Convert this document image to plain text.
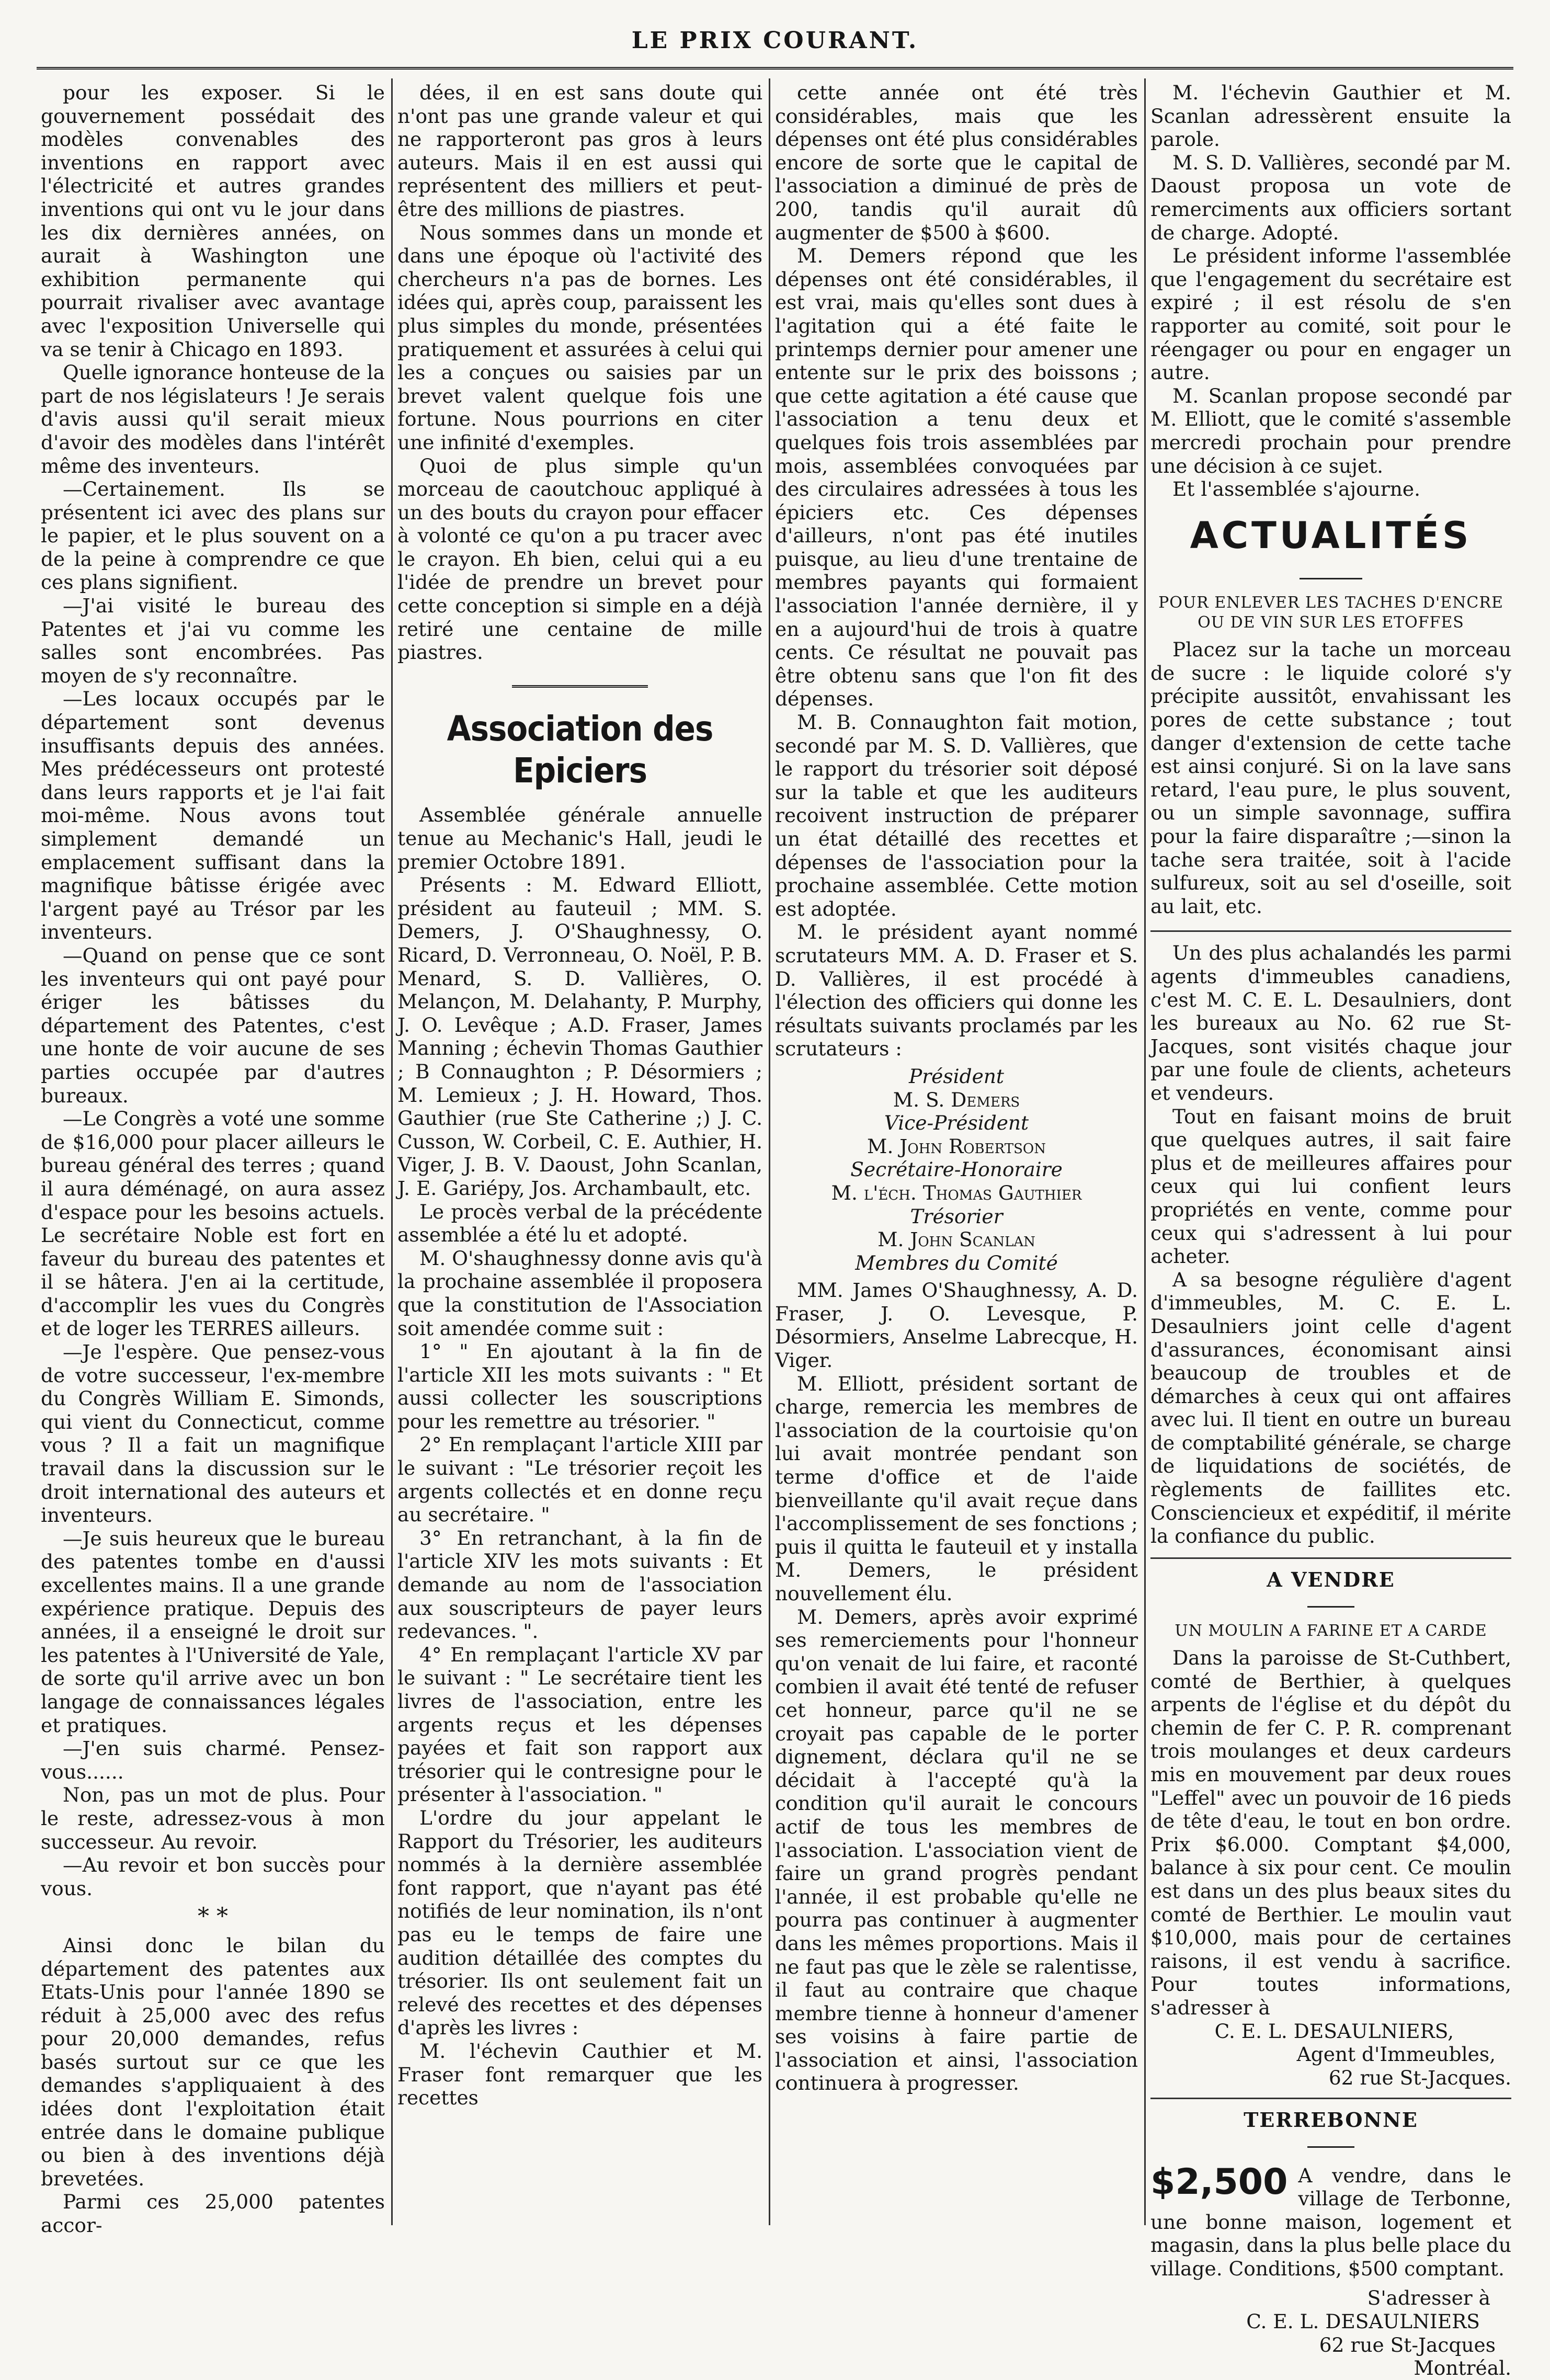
LE PRIX COURANT.

pour les exposer. Si le gouvernement possédait des modèles convenables des inventions en rapport avec l'électricité et autres grandes inventions qui ont vu le jour dans les dix dernières années, on aurait à Washington une exhibition permanente qui pourrait rivaliser avec avantage avec l'exposition Universelle qui va se tenir à Chicago en 1893.

Quelle ignorance honteuse de la part de nos législateurs ! Je serais d'avis aussi qu'il serait mieux d'avoir des modèles dans l'intérêt même des inventeurs.

—Certainement. Ils se présentent ici avec des plans sur le papier, et le plus souvent on a de la peine à comprendre ce que ces plans signifient.

—J'ai visité le bureau des Patentes et j'ai vu comme les salles sont encombrées. Pas moyen de s'y reconnaître.

—Les locaux occupés par le département sont devenus insuffisants depuis des années. Mes prédécesseurs ont protesté dans leurs rapports et je l'ai fait moi-même. Nous avons tout simplement demandé un emplacement suffisant dans la magnifique bâtisse érigée avec l'argent payé au Trésor par les inventeurs.

—Quand on pense que ce sont les inventeurs qui ont payé pour ériger les bâtisses du département des Patentes, c'est une honte de voir aucune de ses parties occupée par d'autres bureaux.

—Le Congrès a voté une somme de $16,000 pour placer ailleurs le bureau général des terres ; quand il aura déménagé, on aura assez d'espace pour les besoins actuels. Le secrétaire Noble est fort en faveur du bureau des patentes et il se hâtera. J'en ai la certitude, d'accomplir les vues du Congrès et de loger les TERRES ailleurs.

—Je l'espère. Que pensez-vous de votre successeur, l'ex-membre du Congrès William E. Simonds, qui vient du Connecticut, comme vous ? Il a fait un magnifique travail dans la discussion sur le droit international des auteurs et inventeurs.

—Je suis heureux que le bureau des patentes tombe en d'aussi excellentes mains. Il a une grande expérience pratique. Depuis des années, il a enseigné le droit sur les patentes à l'Université de Yale, de sorte qu'il arrive avec un bon langage de connaissances légales et pratiques.

—J'en suis charmé. Pensez-vous......

Non, pas un mot de plus. Pour le reste, adressez-vous à mon successeur. Au revoir.

—Au revoir et bon succès pour vous.

* *

Ainsi donc le bilan du département des patentes aux Etats-Unis pour l'année 1890 se réduit à 25,000 avec des refus pour 20,000 demandes, refus basés surtout sur ce que les demandes s'appliquaient à des idées dont l'exploitation était entrée dans le domaine publique ou bien à des inventions déjà brevetées.

Parmi ces 25,000 patentes accor-

dées, il en est sans doute qui n'ont pas une grande valeur et qui ne rapporteront pas gros à leurs auteurs. Mais il en est aussi qui représentent des milliers et peut-être des millions de piastres.

Nous sommes dans un monde et dans une époque où l'activité des chercheurs n'a pas de bornes. Les idées qui, après coup, paraissent les plus simples du monde, présentées pratiquement et assurées à celui qui les a conçues ou saisies par un brevet valent quelque fois une fortune. Nous pourrions en citer une infinité d'exemples.

Quoi de plus simple qu'un morceau de caoutchouc appliqué à un des bouts du crayon pour effacer à volonté ce qu'on a pu tracer avec le crayon. Eh bien, celui qui a eu l'idée de prendre un brevet pour cette conception si simple en a déjà retiré une centaine de mille piastres.

Association des Epiciers

Assemblée générale annuelle tenue au Mechanic's Hall, jeudi le premier Octobre 1891.

Présents : M. Edward Elliott, président au fauteuil ; MM. S. Demers, J. O'Shaughnessy, O. Ricard, D. Verronneau, O. Noël, P. B. Menard, S. D. Vallières, O. Melançon, M. Delahanty, P. Murphy, J. O. Levêque ; A.D. Fraser, James Manning ; échevin Thomas Gauthier ; B Connaughton ; P. Désormiers ; M. Lemieux ; J. H. Howard, Thos. Gauthier (rue Ste Catherine ;) J. C. Cusson, W. Corbeil, C. E. Authier, H. Viger, J. B. V. Daoust, John Scanlan, J. E. Gariépy, Jos. Archambault, etc.

Le procès verbal de la précédente assemblée a été lu et adopté.

M. O'shaughnessy donne avis qu'à la prochaine assemblée il proposera que la constitution de l'Association soit amendée comme suit :

1° " En ajoutant à la fin de l'article XII les mots suivants : " Et aussi collecter les souscriptions pour les remettre au trésorier. "

2° En remplaçant l'article XIII par le suivant : "Le trésorier reçoit les argents collectés et en donne reçu au secrétaire. "

3° En retranchant, à la fin de l'article XIV les mots suivants : Et demande au nom de l'association aux souscripteurs de payer leurs redevances. ".

4° En remplaçant l'article XV par le suivant : " Le secrétaire tient les livres de l'association, entre les argents reçus et les dépenses payées et fait son rapport aux trésorier qui le contresigne pour le présenter à l'association. "

L'ordre du jour appelant le Rapport du Trésorier, les auditeurs nommés à la dernière assemblée font rapport, que n'ayant pas été notifiés de leur nomination, ils n'ont pas eu le temps de faire une audition détaillée des comptes du trésorier. Ils ont seulement fait un relevé des recettes et des dépenses d'après les livres :

M. l'échevin Cauthier et M. Fraser font remarquer que les recettes

cette année ont été très considérables, mais que les dépenses ont été plus considérables encore de sorte que le capital de l'association a diminué de près de 200, tandis qu'il aurait dû augmenter de $500 à $600.

M. Demers répond que les dépenses ont été considérables, il est vrai, mais qu'elles sont dues à l'agitation qui a été faite le printemps dernier pour amener une entente sur le prix des boissons ; que cette agitation a été cause que l'association a tenu deux et quelques fois trois assemblées par mois, assemblées convoquées par des circulaires adressées à tous les épiciers etc. Ces dépenses d'ailleurs, n'ont pas été inutiles puisque, au lieu d'une trentaine de membres payants qui formaient l'association l'année dernière, il y en a aujourd'hui de trois à quatre cents. Ce résultat ne pouvait pas être obtenu sans que l'on fit des dépenses.

M. B. Connaughton fait motion, secondé par M. S. D. Vallières, que le rapport du trésorier soit déposé sur la table et que les auditeurs recoivent instruction de préparer un état détaillé des recettes et dépenses de l'association pour la prochaine assemblée. Cette motion est adoptée.

M. le président ayant nommé scrutateurs MM. A. D. Fraser et S. D. Vallières, il est procédé à l'élection des officiers qui donne les résultats suivants proclamés par les scrutateurs :

Président
M. S. Demers
Vice-Président
M. John Robertson
Secrétaire-Honoraire
M. l'éch. Thomas Gauthier
Trésorier
M. John Scanlan
Membres du Comité

MM. James O'Shaughnessy, A. D. Fraser, J. O. Levesque, P. Désormiers, Anselme Labrecque, H. Viger.

M. Elliott, président sortant de charge, remercia les membres de l'association de la courtoisie qu'on lui avait montrée pendant son terme d'office et de l'aide bienveillante qu'il avait reçue dans l'accomplissement de ses fonctions ; puis il quitta le fauteuil et y installa M. Demers, le président nouvellement élu.

M. Demers, après avoir exprimé ses remerciements pour l'honneur qu'on venait de lui faire, et raconté combien il avait été tenté de refuser cet honneur, parce qu'il ne se croyait pas capable de le porter dignement, déclara qu'il ne se décidait à l'accepté qu'à la condition qu'il aurait le concours actif de tous les membres de l'association. L'association vient de faire un grand progrès pendant l'année, il est probable qu'elle ne pourra pas continuer à augmenter dans les mêmes proportions. Mais il ne faut pas que le zèle se ralentisse, il faut au contraire que chaque membre tienne à honneur d'amener ses voisins à faire partie de l'association et ainsi, l'association continuera à progresser.

M. l'échevin Gauthier et M. Scanlan adressèrent ensuite la parole.

M. S. D. Vallières, secondé par M. Daoust proposa un vote de remerciments aux officiers sortant de charge. Adopté.

Le président informe l'assemblée que l'engagement du secrétaire est expiré ; il est résolu de s'en rapporter au comité, soit pour le réengager ou pour en engager un autre.

M. Scanlan propose secondé par M. Elliott, que le comité s'assemble mercredi prochain pour prendre une décision à ce sujet.

Et l'assemblée s'ajourne.

ACTUALITÉS
POUR ENLEVER LES TACHES D'ENCRE OU DE VIN SUR LES ETOFFES

Placez sur la tache un morceau de sucre : le liquide coloré s'y précipite aussitôt, envahissant les pores de cette substance ; tout danger d'extension de cette tache est ainsi conjuré. Si on la lave sans retard, l'eau pure, le plus souvent, ou un simple savonnage, suffira pour la faire disparaître ;—sinon la tache sera traitée, soit à l'acide sulfureux, soit au sel d'oseille, soit au lait, etc.

Un des plus achalandés les parmi agents d'immeubles canadiens, c'est M. C. E. L. Desaulniers, dont les bureaux au No. 62 rue St-Jacques, sont visités chaque jour par une foule de clients, acheteurs et vendeurs.

Tout en faisant moins de bruit que quelques autres, il sait faire plus et de meilleures affaires pour ceux qui lui confient leurs propriétés en vente, comme pour ceux qui s'adressent à lui pour acheter.

A sa besogne régulière d'agent d'immeubles, M. C. E. L. Desaulniers joint celle d'agent d'assurances, économisant ainsi beaucoup de troubles et de démarches à ceux qui ont affaires avec lui. Il tient en outre un bureau de comptabilité générale, se charge de liquidations de sociétés, de règlements de faillites etc. Consciencieux et expéditif, il mérite la confiance du public.

A VENDRE
UN MOULIN A FARINE ET A CARDE

Dans la paroisse de St-Cuthbert, comté de Berthier, à quelques arpents de l'église et du dépôt du chemin de fer C. P. R. comprenant trois moulanges et deux cardeurs mis en mouvement par deux roues "Leffel" avec un pouvoir de 16 pieds de tête d'eau, le tout en bon ordre. Prix $6.000. Comptant $4,000, balance à six pour cent. Ce moulin est dans un des plus beaux sites du comté de Berthier. Le moulin vaut $10,000, mais pour de certaines raisons, il est vendu à sacrifice. Pour toutes informations, s'adresser à

C. E. L. DESAULNIERS,
Agent d'Immeubles,
62 rue St-Jacques.
TERREBONNE
$2,500 A vendre, dans le village de Terbonne, une bonne maison, logement et magasin, dans la plus belle place du village. Conditions, $500 comptant.
S'adresser à
C. E. L. DESAULNIERS
62 rue St-Jacques
Montréal.
